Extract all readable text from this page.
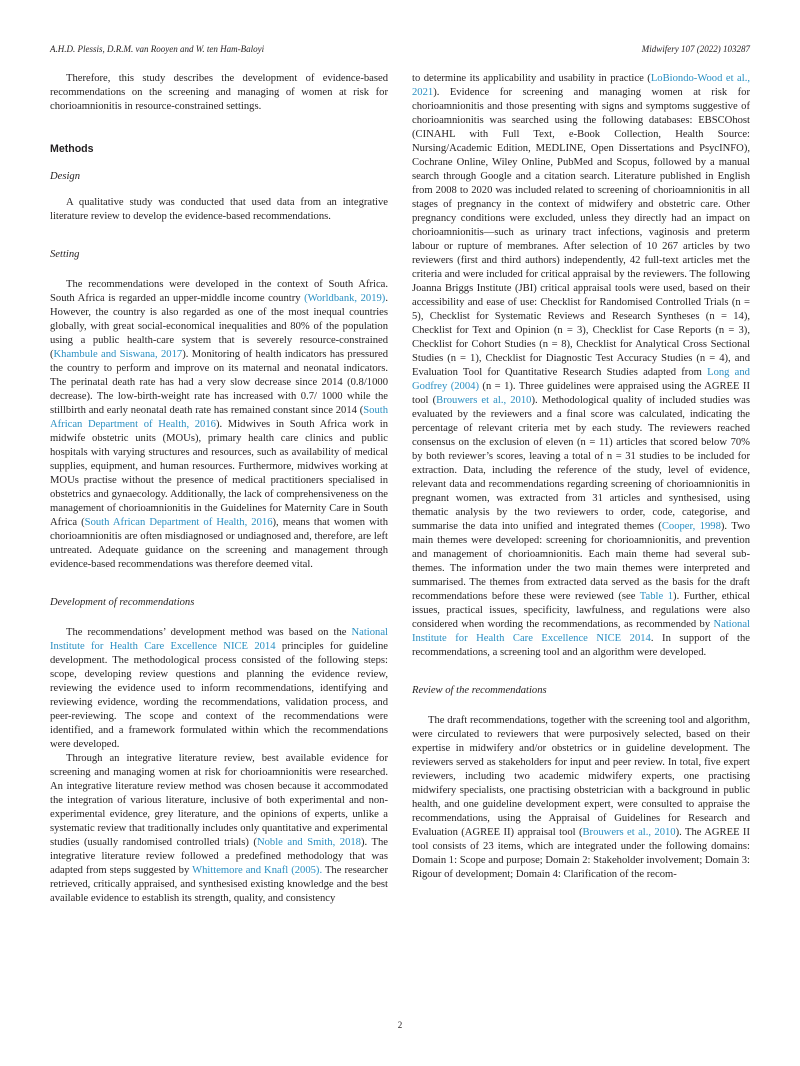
A.H.D. Plessis, D.R.M. van Rooyen and W. ten Ham-Baloyi	Midwifery 107 (2022) 103287

Therefore, this study describes the development of evidence-based recommendations on the screening and managing of women at risk for chorioamnionitis in resource-constrained settings.

Methods
Design

A qualitative study was conducted that used data from an integrative literature review to develop the evidence-based recommendations.

Setting

The recommendations were developed in the context of South Africa. South Africa is regarded an upper-middle income country (Worldbank, 2019). However, the country is also regarded as one of the most inequal countries globally, with great social-economical inequalities and 80% of the population using a public health-care system that is severely resource-constrained (Khambule and Siswana, 2017). Monitoring of health indicators has pressured the country to perform and improve on its maternal and neonatal indicators. The perinatal death rate has had a very slow decrease since 2014 (0.8/1000 decrease). The low-birth-weight rate has increased with 0.7/ 1000 while the stillbirth and early neonatal death rate has remained constant since 2014 (South African Department of Health, 2016). Midwives in South Africa work in midwife obstetric units (MOUs), primary health care clinics and public hospitals with varying structures and resources, such as availability of medical supplies, equipment, and human resources. Furthermore, midwives working at MOUs practise without the presence of medical practitioners specialised in obstetrics and gynaecology. Additionally, the lack of comprehensiveness on the management of chorioamnionitis in the Guidelines for Maternity Care in South Africa (South African Department of Health, 2016), means that women with chorioamnionitis are often misdiagnosed or undiagnosed and, therefore, are left untreated. Adequate guidance on the screening and management through evidence-based recommendations was therefore deemed vital.

Development of recommendations

The recommendations’ development method was based on the National Institute for Health Care Excellence NICE 2014 principles for guideline development. The methodological process consisted of the following steps: scope, developing review questions and planning the evidence review, reviewing the evidence used to inform recommendations, identifying and reviewing evidence, wording the recommendations, validation process, and peer-reviewing. The scope and context of the recommendations were identified, and a framework formulated within which the recommendations were developed.

Through an integrative literature review, best available evidence for screening and managing women at risk for chorioamnionitis were researched. An integrative literature review method was chosen because it accommodated the integration of various literature, inclusive of both experimental and non-experimental evidence, grey literature, and the opinions of experts, unlike a systematic review that traditionally includes only quantitative and experimental studies (usually randomised controlled trials) (Noble and Smith, 2018). The integrative literature review followed a predefined methodology that was adapted from steps suggested by Whittemore and Knafl (2005). The researcher retrieved, critically appraised, and synthesised existing knowledge and the best available evidence to establish its strength, quality, and consistency

to determine its applicability and usability in practice (LoBiondo-Wood et al., 2021). Evidence for screening and managing women at risk for chorioamnionitis and those presenting with signs and symptoms suggestive of chorioamnionitis was searched using the following databases: EBSCOhost (CINAHL with Full Text, e-Book Collection, Health Source: Nursing/Academic Edition, MEDLINE, Open Dissertations and PsycINFO), Cochrane Online, Wiley Online, PubMed and Scopus, followed by a manual search through Google and a citation search. Literature published in English from 2008 to 2020 was included related to screening of chorioamnionitis in all stages of pregnancy in the context of midwifery and obstetric care. Other pregnancy conditions were excluded, unless they directly had an impact on chorioamnionitis—such as urinary tract infections, vaginosis and preterm labour or rupture of membranes. After selection of 10 267 articles by two reviewers (first and third authors) independently, 42 full-text articles met the criteria and were included for critical appraisal by the reviewers. The following Joanna Briggs Institute (JBI) critical appraisal tools were used, based on their accessibility and ease of use: Checklist for Randomised Controlled Trials (n = 5), Checklist for Systematic Reviews and Research Syntheses (n = 14), Checklist for Text and Opinion (n = 3), Checklist for Case Reports (n = 3), Checklist for Cohort Studies (n = 8), Checklist for Analytical Cross Sectional Studies (n = 1), Checklist for Diagnostic Test Accuracy Studies (n = 4), and Evaluation Tool for Quantitative Research Studies adapted from Long and Godfrey (2004) (n = 1). Three guidelines were appraised using the AGREE II tool (Brouwers et al., 2010). Methodological quality of included studies was evaluated by the reviewers and a final score was calculated, indicating the percentage of relevant criteria met by each study. The reviewers reached consensus on the exclusion of eleven (n = 11) articles that scored below 70% by both reviewer’s scores, leaving a total of n = 31 studies to be included for extraction. Data, including the reference of the study, level of evidence, relevant data and recommendations regarding screening of chorioamnionitis in pregnant women, was extracted from 31 articles and synthesised, using thematic analysis by the two reviewers to order, code, categorise, and summarise the data into unified and integrated themes (Cooper, 1998). Two main themes were developed: screening for chorioamnionitis, and prevention and management of chorioamnionitis. Each main theme had several sub-themes. The information under the two main themes were interpreted and summarised. The themes from extracted data served as the basis for the draft recommendations before these were reviewed (see Table 1). Further, ethical issues, practical issues, specificity, lawfulness, and regulations were also considered when wording the recommendations, as recommended by National Institute for Health Care Excellence NICE 2014. In support of the recommendations, a screening tool and an algorithm were developed.

Review of the recommendations

The draft recommendations, together with the screening tool and algorithm, were circulated to reviewers that were purposively selected, based on their expertise in midwifery and/or obstetrics or in guideline development. The reviewers served as stakeholders for input and peer review. In total, five expert reviewers, including two academic midwifery experts, one practising midwifery specialists, one practising obstetrician with a background in public health, and one guideline development expert, were consulted to appraise the recommendations, using the Appraisal of Guidelines for Research and Evaluation (AGREE II) appraisal tool (Brouwers et al., 2010). The AGREE II tool consists of 23 items, which are integrated under the following domains: Domain 1: Scope and purpose; Domain 2: Stakeholder involvement; Domain 3: Rigour of development; Domain 4: Clarification of the recom-

2
